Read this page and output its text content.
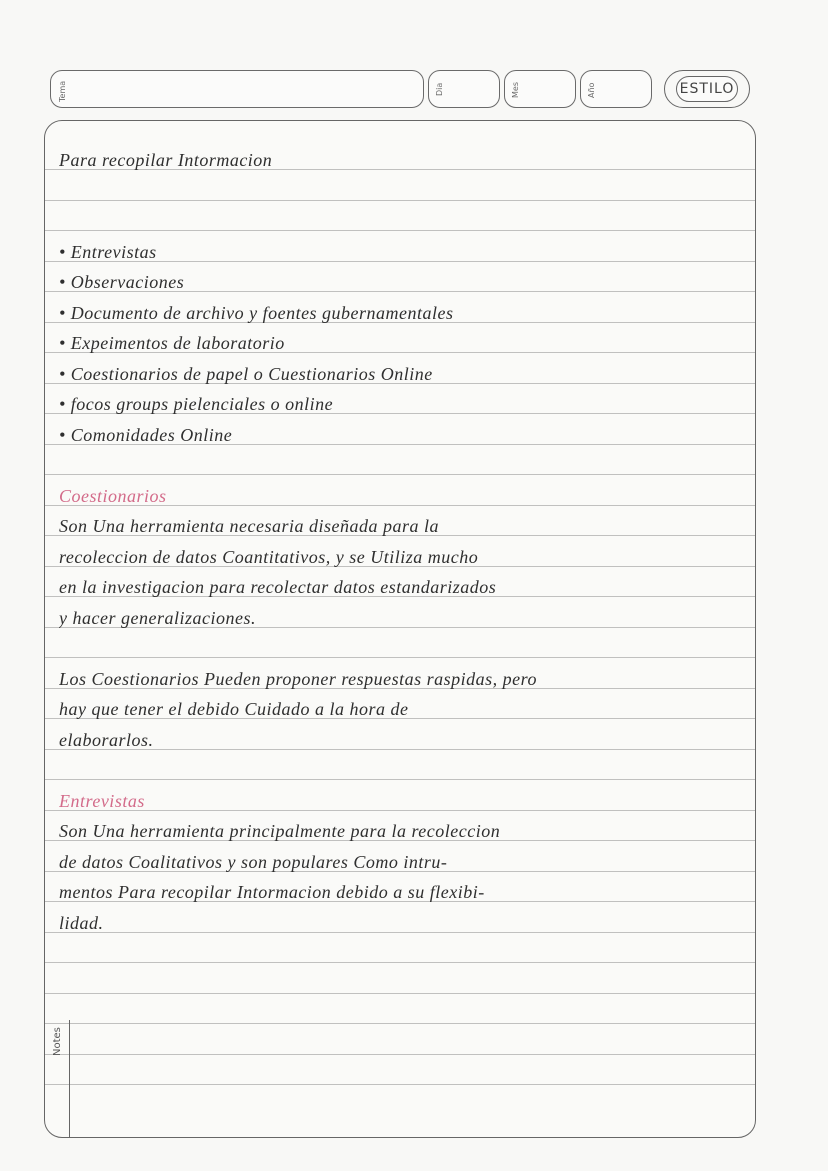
Tema	Dia	Mes	Año	ESTILO
Para recopilar Intormacion
• Entrevistas
• Observaciones
• Documento de archivo y foentes gubernamentales
• Expeimentos de laboratorio
• Coestionarios de papel o Cuestionarios Online
• focos groups pielenciales o online
• Comonidades Online
Coestionarios
Son Una herramienta necesaria diseñada para la
recoleccion de datos Coantitativos, y se Utiliza mucho
en la investigacion para recolectar datos estandarizados
y hacer generalizaciones.
Los Coestionarios Pueden proponer respuestas raspidas, pero
hay que tener el debido Cuidado a la hora de
elaborarlos.
Entrevistas
Son Una herramienta principalmente para la recoleccion
de datos Coalitativos y son populares Como intru-
mentos Para recopilar Intormacion debido a su flexibi-
lidad.
Notes
